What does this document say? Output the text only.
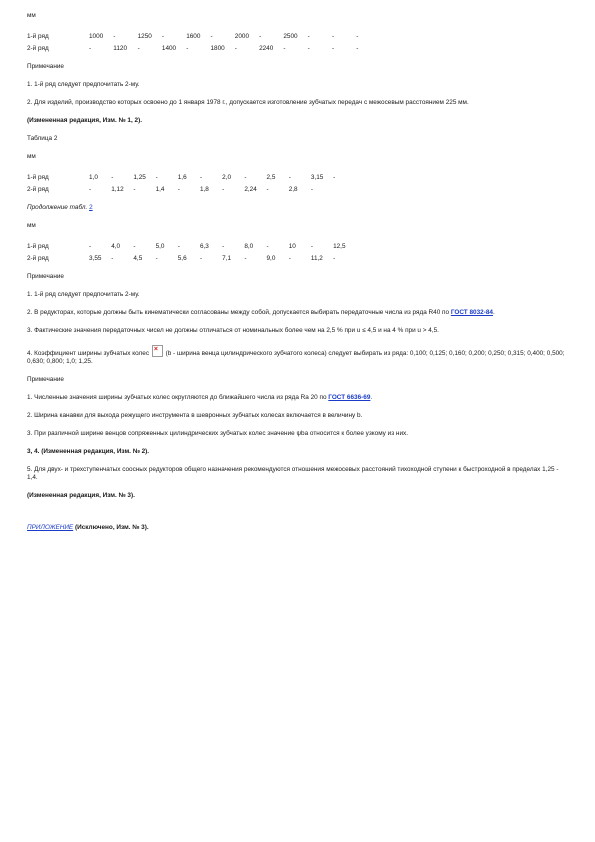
мм

1-й ряд	1000	-	1250	-	1600	-	2000	-	2500	-	-	-
2-й ряд	-	1120	-	1400	-	1800	-	2240	-	-	-	-

Примечание

1. 1-й ряд следует предпочитать 2-му.

2. Для изделий, производство которых освоено до 1 января 1978 г., допускается изготовление зубчатых передач с межосевым расстоянием 225 мм.

(Измененная редакция, Изм. № 1, 2).

Таблица 2

мм

1-й ряд	1,0	-	1,25	-	1,6	-	2,0	-	2,5	-	3,15	-
2-й ряд	-	1,12	-	1,4	-	1,8	-	2,24	-	2,8	-	

Продолжение табл. 2

мм

1-й ряд	-	4,0	-	5,0	-	6,3	-	8,0	-	10	-	12,5
2-й ряд	3,55	-	4,5	-	5,6	-	7,1	-	9,0	-	11,2	-

Примечание

1. 1-й ряд следует предпочитать 2-му.

2. В редукторах, которые должны быть кинематически согласованы между собой, допускается выбирать передаточные числа из ряда R40 по ГОСТ 8032-84.

3. Фактические значения передаточных чисел не должны отличаться от номинальных более чем на 2,5 % при u ≤ 4,5 и на 4 % при u > 4,5.

4. Коэффициент ширины зубчатых колес
×
(b - ширина венца цилиндрического зубчатого колеса) следует выбирать из ряда: 0,100; 0,125; 0,160; 0,200; 0,250; 0,315; 0,400; 0,500; 0,630; 0,800; 1,0; 1,25.

Примечание

1. Численные значения ширины зубчатых колес округляются до ближайшего числа из ряда Ra 20 по ГОСТ 6636-69.

2. Ширина канавки для выхода режущего инструмента в шевронных зубчатых колесах включается в величину b.

3. При различной ширине венцов сопряженных цилиндрических зубчатых колес значение ψba относится к более узкому из них.

3, 4. (Измененная редакция, Изм. № 2).

5. Для двух- и трехступенчатых соосных редукторов общего назначения рекомендуются отношения межосевых расстояний тихоходной ступени к быстроходной в пределах 1,25 - 1,4.

(Измененная редакция, Изм. № 3).

ПРИЛОЖЕНИЕ (Исключено, Изм. № 3).
